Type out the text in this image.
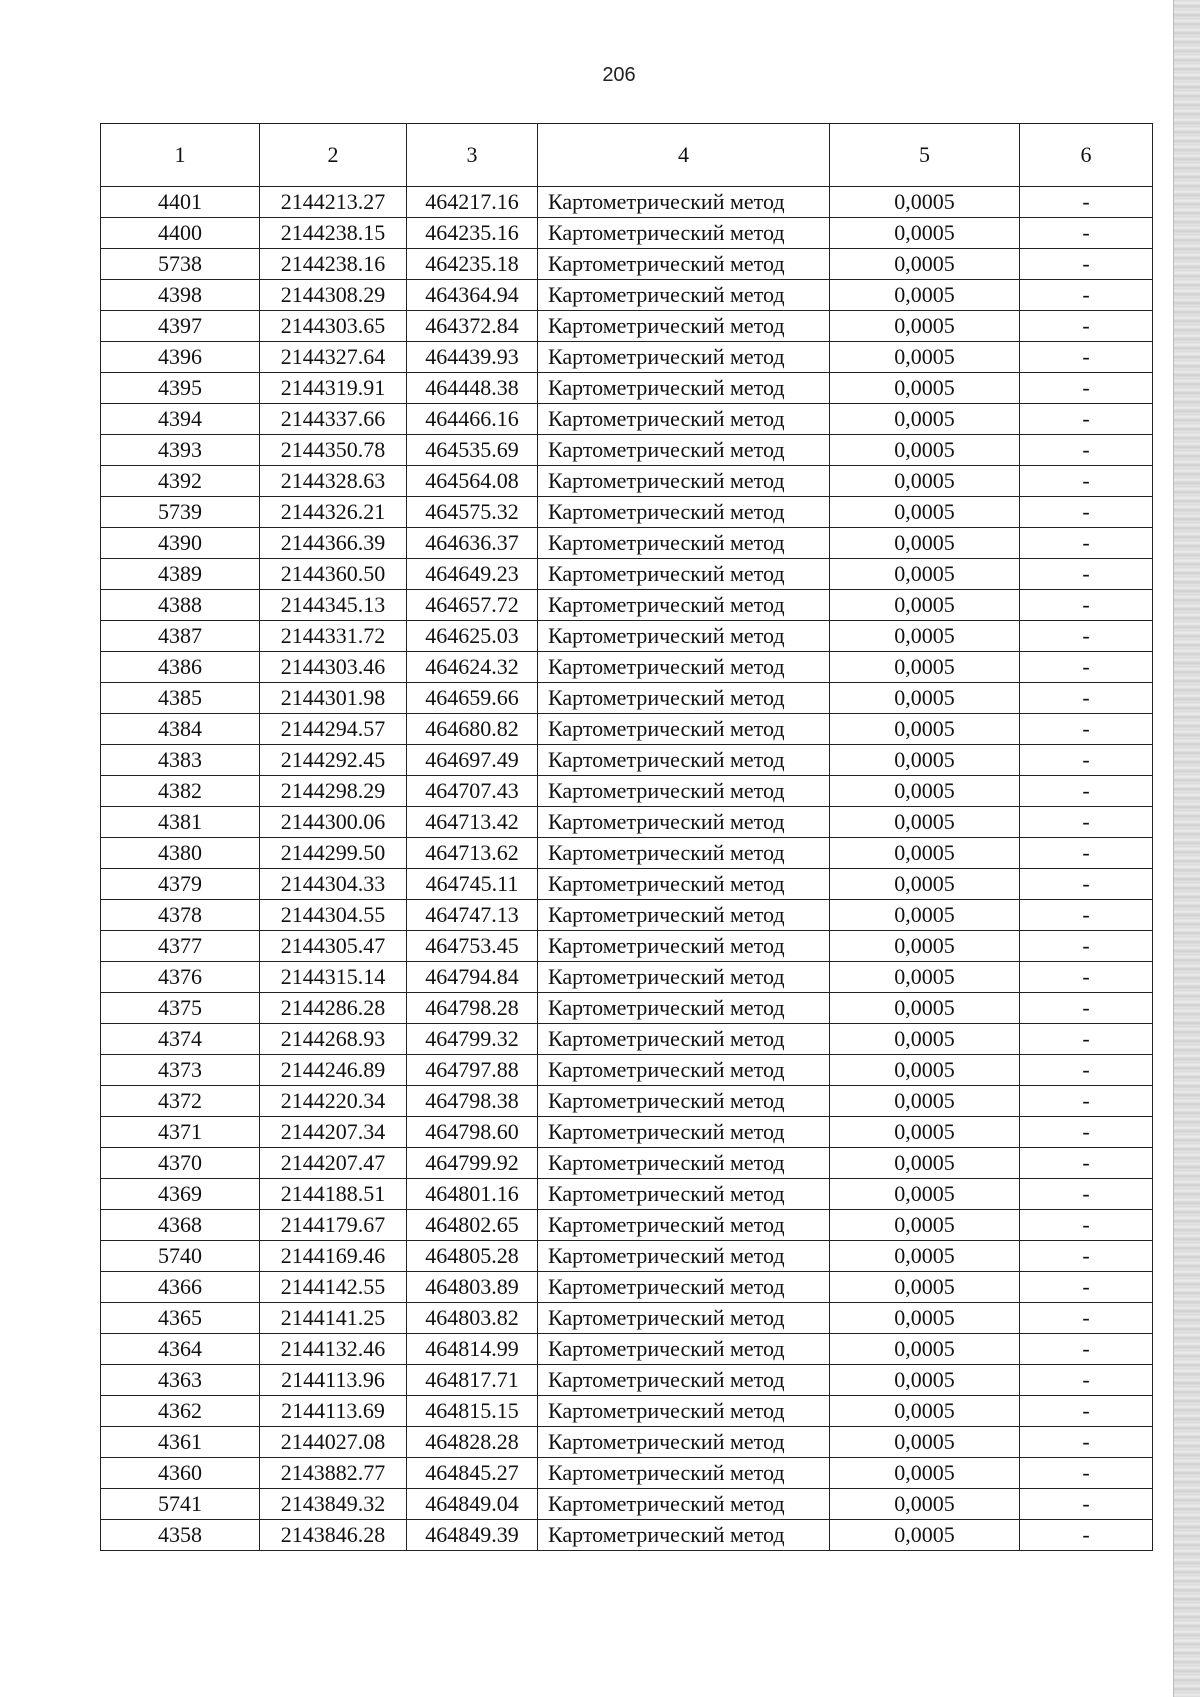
206
1	2	3	4	5	6
4401	2144213.27	464217.16	Картометрический метод	0,0005	-
4400	2144238.15	464235.16	Картометрический метод	0,0005	-
5738	2144238.16	464235.18	Картометрический метод	0,0005	-
4398	2144308.29	464364.94	Картометрический метод	0,0005	-
4397	2144303.65	464372.84	Картометрический метод	0,0005	-
4396	2144327.64	464439.93	Картометрический метод	0,0005	-
4395	2144319.91	464448.38	Картометрический метод	0,0005	-
4394	2144337.66	464466.16	Картометрический метод	0,0005	-
4393	2144350.78	464535.69	Картометрический метод	0,0005	-
4392	2144328.63	464564.08	Картометрический метод	0,0005	-
5739	2144326.21	464575.32	Картометрический метод	0,0005	-
4390	2144366.39	464636.37	Картометрический метод	0,0005	-
4389	2144360.50	464649.23	Картометрический метод	0,0005	-
4388	2144345.13	464657.72	Картометрический метод	0,0005	-
4387	2144331.72	464625.03	Картометрический метод	0,0005	-
4386	2144303.46	464624.32	Картометрический метод	0,0005	-
4385	2144301.98	464659.66	Картометрический метод	0,0005	-
4384	2144294.57	464680.82	Картометрический метод	0,0005	-
4383	2144292.45	464697.49	Картометрический метод	0,0005	-
4382	2144298.29	464707.43	Картометрический метод	0,0005	-
4381	2144300.06	464713.42	Картометрический метод	0,0005	-
4380	2144299.50	464713.62	Картометрический метод	0,0005	-
4379	2144304.33	464745.11	Картометрический метод	0,0005	-
4378	2144304.55	464747.13	Картометрический метод	0,0005	-
4377	2144305.47	464753.45	Картометрический метод	0,0005	-
4376	2144315.14	464794.84	Картометрический метод	0,0005	-
4375	2144286.28	464798.28	Картометрический метод	0,0005	-
4374	2144268.93	464799.32	Картометрический метод	0,0005	-
4373	2144246.89	464797.88	Картометрический метод	0,0005	-
4372	2144220.34	464798.38	Картометрический метод	0,0005	-
4371	2144207.34	464798.60	Картометрический метод	0,0005	-
4370	2144207.47	464799.92	Картометрический метод	0,0005	-
4369	2144188.51	464801.16	Картометрический метод	0,0005	-
4368	2144179.67	464802.65	Картометрический метод	0,0005	-
5740	2144169.46	464805.28	Картометрический метод	0,0005	-
4366	2144142.55	464803.89	Картометрический метод	0,0005	-
4365	2144141.25	464803.82	Картометрический метод	0,0005	-
4364	2144132.46	464814.99	Картометрический метод	0,0005	-
4363	2144113.96	464817.71	Картометрический метод	0,0005	-
4362	2144113.69	464815.15	Картометрический метод	0,0005	-
4361	2144027.08	464828.28	Картометрический метод	0,0005	-
4360	2143882.77	464845.27	Картометрический метод	0,0005	-
5741	2143849.32	464849.04	Картометрический метод	0,0005	-
4358	2143846.28	464849.39	Картометрический метод	0,0005	-
